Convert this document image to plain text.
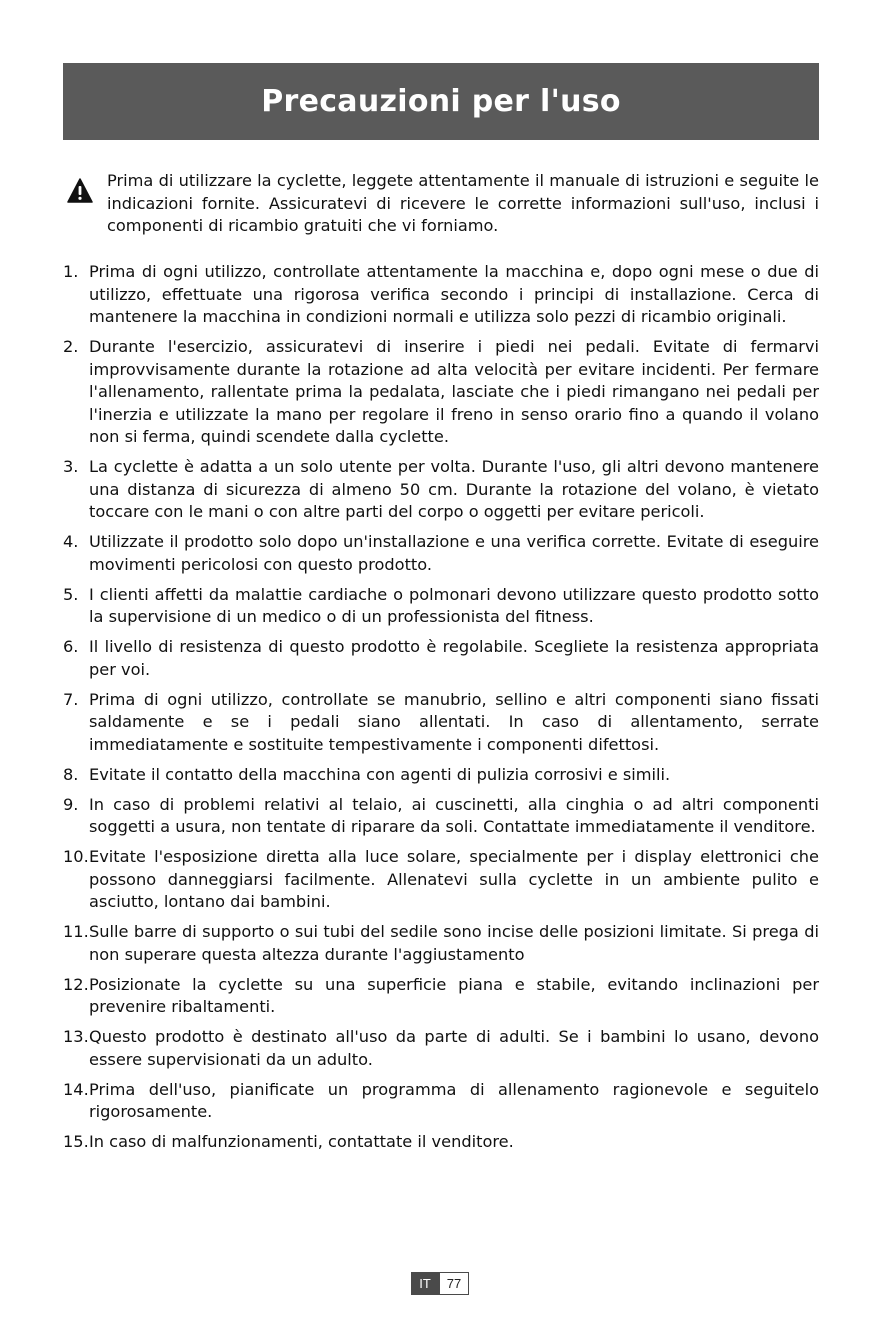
Precauzioni per l'uso
Prima di utilizzare la cyclette, leggete attentamente il manuale di istruzioni e seguite le indicazioni fornite. Assicuratevi di ricevere le corrette informazioni sull'uso, inclusi i componenti di ricambio gratuiti che vi forniamo.
1. Prima di ogni utilizzo, controllate attentamente la macchina e, dopo ogni mese o due di utilizzo, effettuate una rigorosa verifica secondo i principi di installazione. Cerca di mantenere la macchina in condizioni normali e utilizza solo pezzi di ricambio originali.
2. Durante l'esercizio, assicuratevi di inserire i piedi nei pedali. Evitate di fermarvi improvvisamente durante la rotazione ad alta velocità per evitare incidenti. Per fermare l'allenamento, rallentate prima la pedalata, lasciate che i piedi rimangano nei pedali per l'inerzia e utilizzate la mano per regolare il freno in senso orario fino a quando il volano non si ferma, quindi scendete dalla cyclette.
3. La cyclette è adatta a un solo utente per volta. Durante l'uso, gli altri devono mantenere una distanza di sicurezza di almeno 50 cm. Durante la rotazione del volano, è vietato toccare con le mani o con altre parti del corpo o oggetti per evitare pericoli.
4. Utilizzate il prodotto solo dopo un'installazione e una verifica corrette. Evitate di eseguire movimenti pericolosi con questo prodotto.
5. I clienti affetti da malattie cardiache o polmonari devono utilizzare questo prodotto sotto la supervisione di un medico o di un professionista del fitness.
6. Il livello di resistenza di questo prodotto è regolabile. Scegliete la resistenza appropriata per voi.
7. Prima di ogni utilizzo, controllate se manubrio, sellino e altri componenti siano fissati saldamente e se i pedali siano allentati. In caso di allentamento, serrate immediatamente e sostituite tempestivamente i componenti difettosi.
8. Evitate il contatto della macchina con agenti di pulizia corrosivi e simili.
9. In caso di problemi relativi al telaio, ai cuscinetti, alla cinghia o ad altri componenti soggetti a usura, non tentate di riparare da soli. Contattate immediatamente il venditore.
10. Evitate l'esposizione diretta alla luce solare, specialmente per i display elettronici che possono danneggiarsi facilmente. Allenatevi sulla cyclette in un ambiente pulito e asciutto, lontano dai bambini.
11. Sulle barre di supporto o sui tubi del sedile sono incise delle posizioni limitate. Si prega di non superare questa altezza durante l'aggiustamento
12. Posizionate la cyclette su una superficie piana e stabile, evitando inclinazioni per prevenire ribaltamenti.
13. Questo prodotto è destinato all'uso da parte di adulti. Se i bambini lo usano, devono essere supervisionati da un adulto.
14. Prima dell'uso, pianificate un programma di allenamento ragionevole e seguitelo rigorosamente.
15. In caso di malfunzionamenti, contattate il venditore.
IT	77
